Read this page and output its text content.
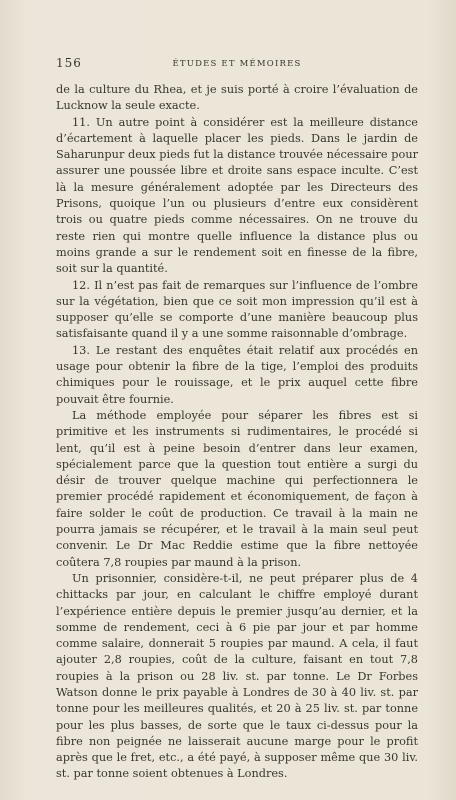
156	ÉTUDES ET MÉMOIRES

de la culture du Rhea, et je suis porté à croire l’évaluation de Lucknow la seule exacte.

11. Un autre point à considérer est la meilleure distance d’écartement à laquelle placer les pieds. Dans le jardin de Saharunpur deux pieds fut la distance trouvée nécessaire pour assurer une poussée libre et droite sans espace inculte. C’est là la mesure généralement adoptée par les Directeurs des Prisons, quoique l’un ou plusieurs d’entre eux considèrent trois ou quatre pieds comme nécessaires. On ne trouve du reste rien qui montre quelle influence la distance plus ou moins grande a sur le rendement soit en finesse de la fibre, soit sur la quantité.

12. Il n’est pas fait de remarques sur l’influence de l’ombre sur la végétation, bien que ce soit mon impression qu’il est à supposer qu’elle se comporte d’une manière beaucoup plus satisfaisante quand il y a une somme raisonnable d’ombrage.

13. Le restant des enquêtes était relatif aux procédés en usage pour obtenir la fibre de la tige, l’emploi des produits chimiques pour le rouissage, et le prix auquel cette fibre pouvait être fournie.

La méthode employée pour séparer les fibres est si primitive et les instruments si rudimentaires, le procédé si lent, qu’il est à peine besoin d’entrer dans leur examen, spécialement parce que la question tout entière a surgi du désir de trouver quelque machine qui perfectionnera le premier procédé rapidement et économiquement, de façon à faire solder le coût de production. Ce travail à la main ne pourra jamais se récupérer, et le travail à la main seul peut convenir. Le Dr Mac Reddie estime que la fibre nettoyée coûtera 7,8 roupies par maund à la prison.

Un prisonnier, considère-t-il, ne peut préparer plus de 4 chittacks par jour, en calculant le chiffre employé durant l’expérience entière depuis le premier jusqu’au dernier, et la somme de rendement, ceci à 6 pie par jour et par homme comme salaire, donnerait 5 roupies par maund. A cela, il faut ajouter 2,8 roupies, coût de la culture, faisant en tout 7,8 roupies à la prison ou 28 liv. st. par tonne. Le Dr Forbes Watson donne le prix payable à Londres de 30 à 40 liv. st. par tonne pour les meilleures qualités, et 20 à 25 liv. st. par tonne pour les plus basses, de sorte que le taux ci-dessus pour la fibre non peignée ne laisserait aucune marge pour le profit après que le fret, etc., a été payé, à supposer même que 30 liv. st. par tonne soient obtenues à Londres.
